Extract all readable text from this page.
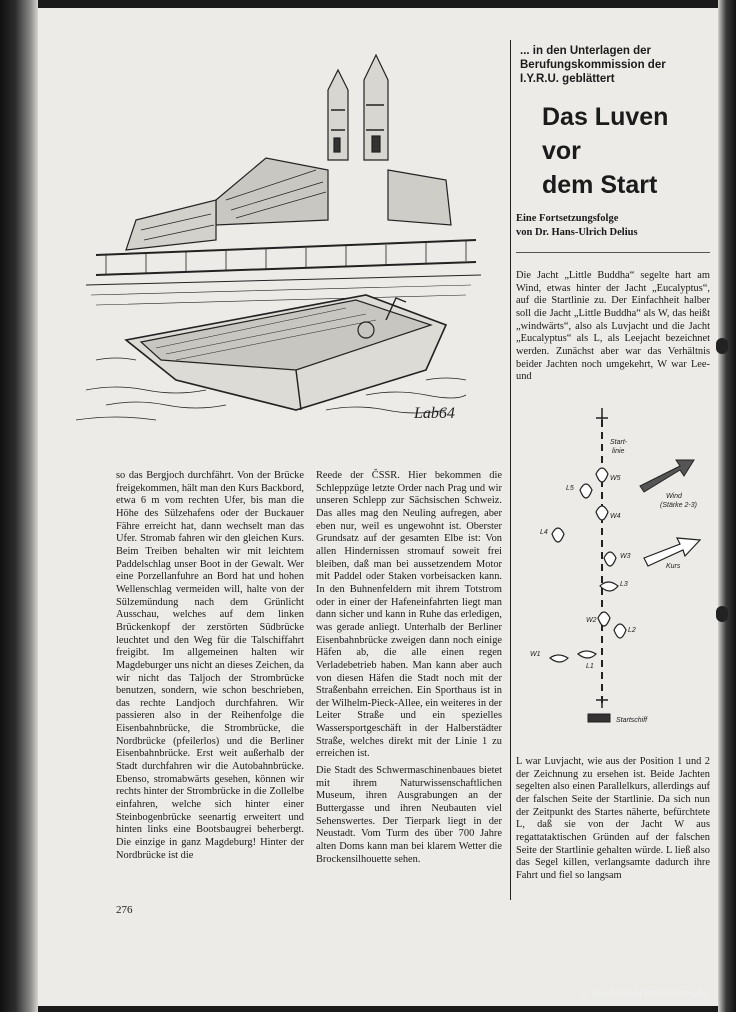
Lab64
... in den Unterlagen der Berufungskommission der I.Y.R.U. geblättert
Das Luven
vor
dem Start
Eine Fortsetzungsfolge
von Dr. Hans-Ulrich Delius

so das Bergjoch durchfährt. Von der Brücke freigekommen, hält man den Kurs Backbord, etwa 6 m vom rechten Ufer, bis man die Höhe des Sülzehafens oder der Buckauer Fähre erreicht hat, dann wechselt man das Ufer. Stromab fahren wir den gleichen Kurs. Beim Treiben behalten wir mit leichtem Paddelschlag unser Boot in der Gewalt. Wer eine Porzellanfuhre an Bord hat und hohen Wellenschlag vermeiden will, halte von der Sülzemündung nach dem Grünlicht Ausschau, welches auf dem linken Brückenkopf der zerstörten Südbrücke leuchtet und den Weg für die Talschiffahrt freigibt. Im allgemeinen halten wir Magdeburger uns nicht an dieses Zeichen, da wir nicht das Taljoch der Strombrücke benutzen, sondern, wie schon beschrieben, das rechte Landjoch durchfahren. Wir passieren also in der Reihenfolge die Eisenbahnbrücke, die Strombrücke, die Nordbrücke (pfeilerlos) und die Berliner Eisenbahnbrücke. Erst weit außerhalb der Stadt durchfahren wir die Autobahnbrücke. Ebenso, stromabwärts gesehen, können wir rechts hinter der Strombrücke in die Zollelbe einfahren, welche sich hinter einer Steinbogenbrücke seenartig erweitert und hinten links eine Bootsbaugrei beherbergt. Die einzige in ganz Magdeburg! Hinter der Nordbrücke ist die

Reede der ČSSR. Hier bekommen die Schleppzüge letzte Order nach Prag und wir unseren Schlepp zur Sächsischen Schweiz. Das alles mag den Neuling aufregen, aber eben nur, weil es ungewohnt ist. Oberster Grundsatz auf der gesamten Elbe ist: Von allen Hindernissen stromauf soweit frei bleiben, daß man bei aussetzendem Motor mit Paddel oder Staken vorbeisacken kann. In den Buhnenfeldern mit ihrem Totstrom oder in einer der Hafeneinfahrten liegt man dann sicher und kann in Ruhe das erledigen, was gerade anliegt. Unterhalb der Berliner Eisenbahnbrücke zweigen dann noch einige Häfen ab, die alle einen regen Verladebetrieb haben. Man kann aber auch von diesen Häfen die Stadt noch mit der Straßenbahn erreichen. Ein Sporthaus ist in der Wilhelm-Pieck-Allee, ein weiteres in der Leiter Straße und ein spezielles Wassersportgeschäft in der Halberstädter Straße, welches direkt mit der Linie 1 zu erreichen ist.

Die Stadt des Schwermaschinenbaues bietet mit ihrem Naturwissenschaftlichen Museum, ihren Ausgrabungen an der Buttergasse und ihren Neubauten viel Sehenswertes. Der Tierpark liegt in der Neustadt. Vom Turm des über 700 Jahre alten Doms kann man bei klarem Wetter die Brockensilhouette sehen.

Die Jacht „Little Buddha“ segelte hart am Wind, etwas hinter der Jacht „Eucalyptus“, auf die Startlinie zu. Der Einfachheit halber soll die Jacht „Little Buddha“ als W, das heißt „windwärts“, also als Luvjacht und die Jacht „Eucalyptus“ als L, als Leejacht bezeichnet werden. Zunächst aber war das Verhältnis beider Jachten noch umgekehrt, W war Lee- und

L war Luvjacht, wie aus der Position 1 und 2 der Zeichnung zu ersehen ist. Beide Jachten segelten also einen Parallelkurs, allerdings auf der falschen Seite der Startlinie. Da sich nun der Zeitpunkt des Startes näherte, befürchtete L, daß sie von der Jacht W aus regattataktischen Gründen auf der falschen Seite der Startlinie gehalten würde. L ließ also das Segel killen, verlangsamte dadurch ihre Fahrt und fiel so langsam

Start-
linie
Wind
(Stärke 2-3)
Kurs
Startschiff
L5
W5
L4
W4
W3
L3
W2
L2
W1
L1
276
© yachtsportmuseum.de
